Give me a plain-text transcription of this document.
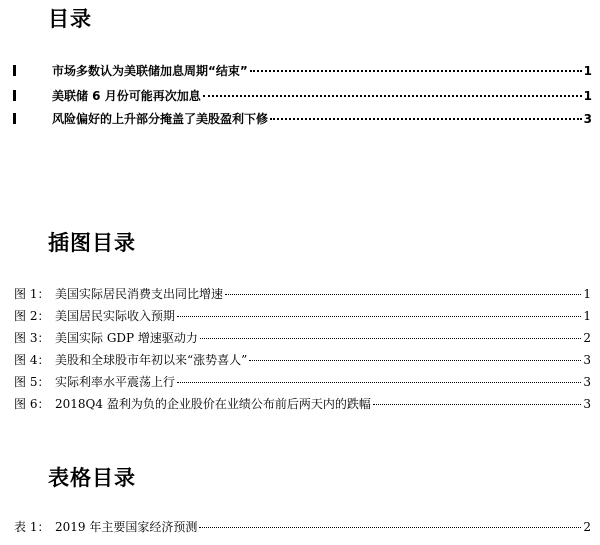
目录
市场多数认为美联储加息周期“结束”	1
美联储 6 月份可能再次加息	1
风险偏好的上升部分掩盖了美股盈利下修	3
插图目录
图 1： 美国实际居民消费支出同比增速	1
图 2： 美国居民实际收入预期	1
图 3： 美国实际 GDP 增速驱动力	2
图 4： 美股和全球股市年初以来“涨势喜人”	3
图 5： 实际利率水平震荡上行	3
图 6： 2018Q4 盈利为负的企业股价在业绩公布前后两天内的跌幅	3
表格目录
表 1： 2019 年主要国家经济预测	2
